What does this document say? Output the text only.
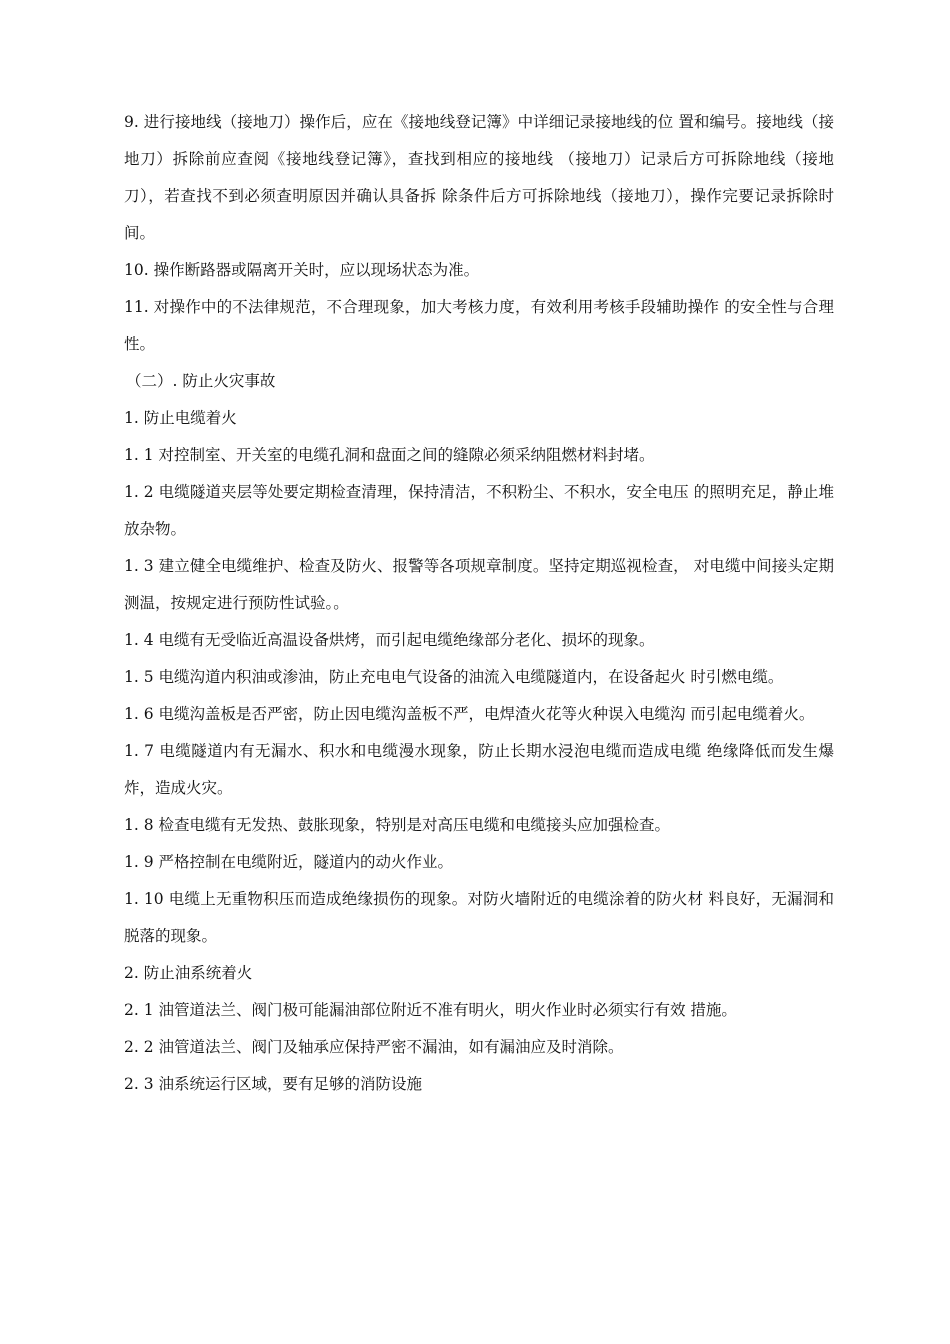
9. 进行接地线（接地刀）操作后，应在《接地线登记簿》中详细记录接地线的位 置和编号。接地线（接地刀）拆除前应查阅《接地线登记簿》，查找到相应的接地线 （接地刀）记录后方可拆除地线（接地刀），若查找不到必须查明原因并确认具备拆 除条件后方可拆除地线（接地刀），操作完要记录拆除时间。

10. 操作断路器或隔离开关时，应以现场状态为准。

11. 对操作中的不法律规范，不合理现象，加大考核力度，有效利用考核手段辅助操作 的安全性与合理性。

（二）. 防止火灾事故

1. 防止电缆着火

1. 1 对控制室、开关室的电缆孔洞和盘面之间的缝隙必须采纳阻燃材料封堵。

1. 2 电缆隧道夹层等处要定期检查清理，保持清洁，不积粉尘、不积水，安全电压 的照明充足，静止堆放杂物。

1. 3 建立健全电缆维护、检查及防火、报警等各项规章制度。坚持定期巡视检查， 对电缆中间接头定期测温，按规定进行预防性试验。。

1. 4 电缆有无受临近高温设备烘烤，而引起电缆绝缘部分老化、损坏的现象。

1. 5 电缆沟道内积油或渗油，防止充电电气设备的油流入电缆隧道内，在设备起火 时引燃电缆。

1. 6 电缆沟盖板是否严密，防止因电缆沟盖板不严，电焊渣火花等火种误入电缆沟 而引起电缆着火。

1. 7 电缆隧道内有无漏水、积水和电缆漫水现象，防止长期水浸泡电缆而造成电缆 绝缘降低而发生爆炸，造成火灾。

1. 8 检查电缆有无发热、鼓胀现象，特别是对高压电缆和电缆接头应加强检查。

1. 9 严格控制在电缆附近，隧道内的动火作业。

1. 10 电缆上无重物积压而造成绝缘损伤的现象。对防火墙附近的电缆涂着的防火材 料良好，无漏洞和脱落的现象。

2. 防止油系统着火

2. 1 油管道法兰、阀门极可能漏油部位附近不准有明火，明火作业时必须实行有效 措施。

2. 2 油管道法兰、阀门及轴承应保持严密不漏油，如有漏油应及时消除。

2. 3 油系统运行区域，要有足够的消防设施
